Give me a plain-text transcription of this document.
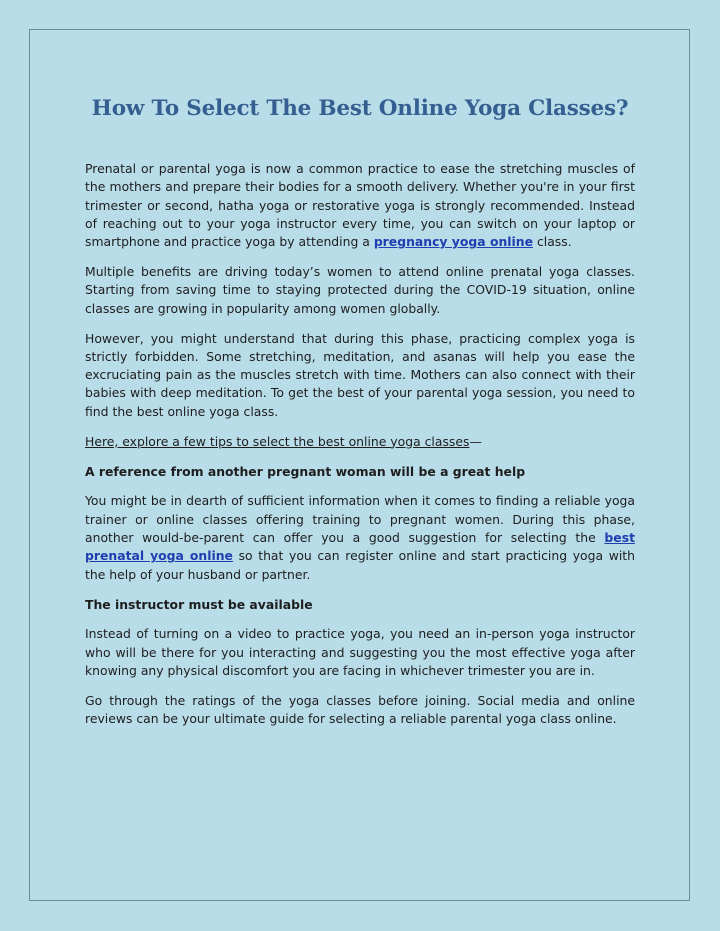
How To Select The Best Online Yoga Classes?

Prenatal or parental yoga is now a common practice to ease the stretching muscles of the mothers and prepare their bodies for a smooth delivery. Whether you're in your first trimester or second, hatha yoga or restorative yoga is strongly recommended. Instead of reaching out to your yoga instructor every time, you can switch on your laptop or smartphone and practice yoga by attending a pregnancy yoga online class.

Multiple benefits are driving today’s women to attend online prenatal yoga classes. Starting from saving time to staying protected during the COVID-19 situation, online classes are growing in popularity among women globally.

However, you might understand that during this phase, practicing complex yoga is strictly forbidden. Some stretching, meditation, and asanas will help you ease the excruciating pain as the muscles stretch with time. Mothers can also connect with their babies with deep meditation. To get the best of your parental yoga session, you need to find the best online yoga class.

Here, explore a few tips to select the best online yoga classes—

A reference from another pregnant woman will be a great help

You might be in dearth of sufficient information when it comes to finding a reliable yoga trainer or online classes offering training to pregnant women. During this phase, another would-be-parent can offer you a good suggestion for selecting the best prenatal yoga online so that you can register online and start practicing yoga with the help of your husband or partner.

The instructor must be available

Instead of turning on a video to practice yoga, you need an in-person yoga instructor who will be there for you interacting and suggesting you the most effective yoga after knowing any physical discomfort you are facing in whichever trimester you are in.

Go through the ratings of the yoga classes before joining. Social media and online reviews can be your ultimate guide for selecting a reliable parental yoga class online.
